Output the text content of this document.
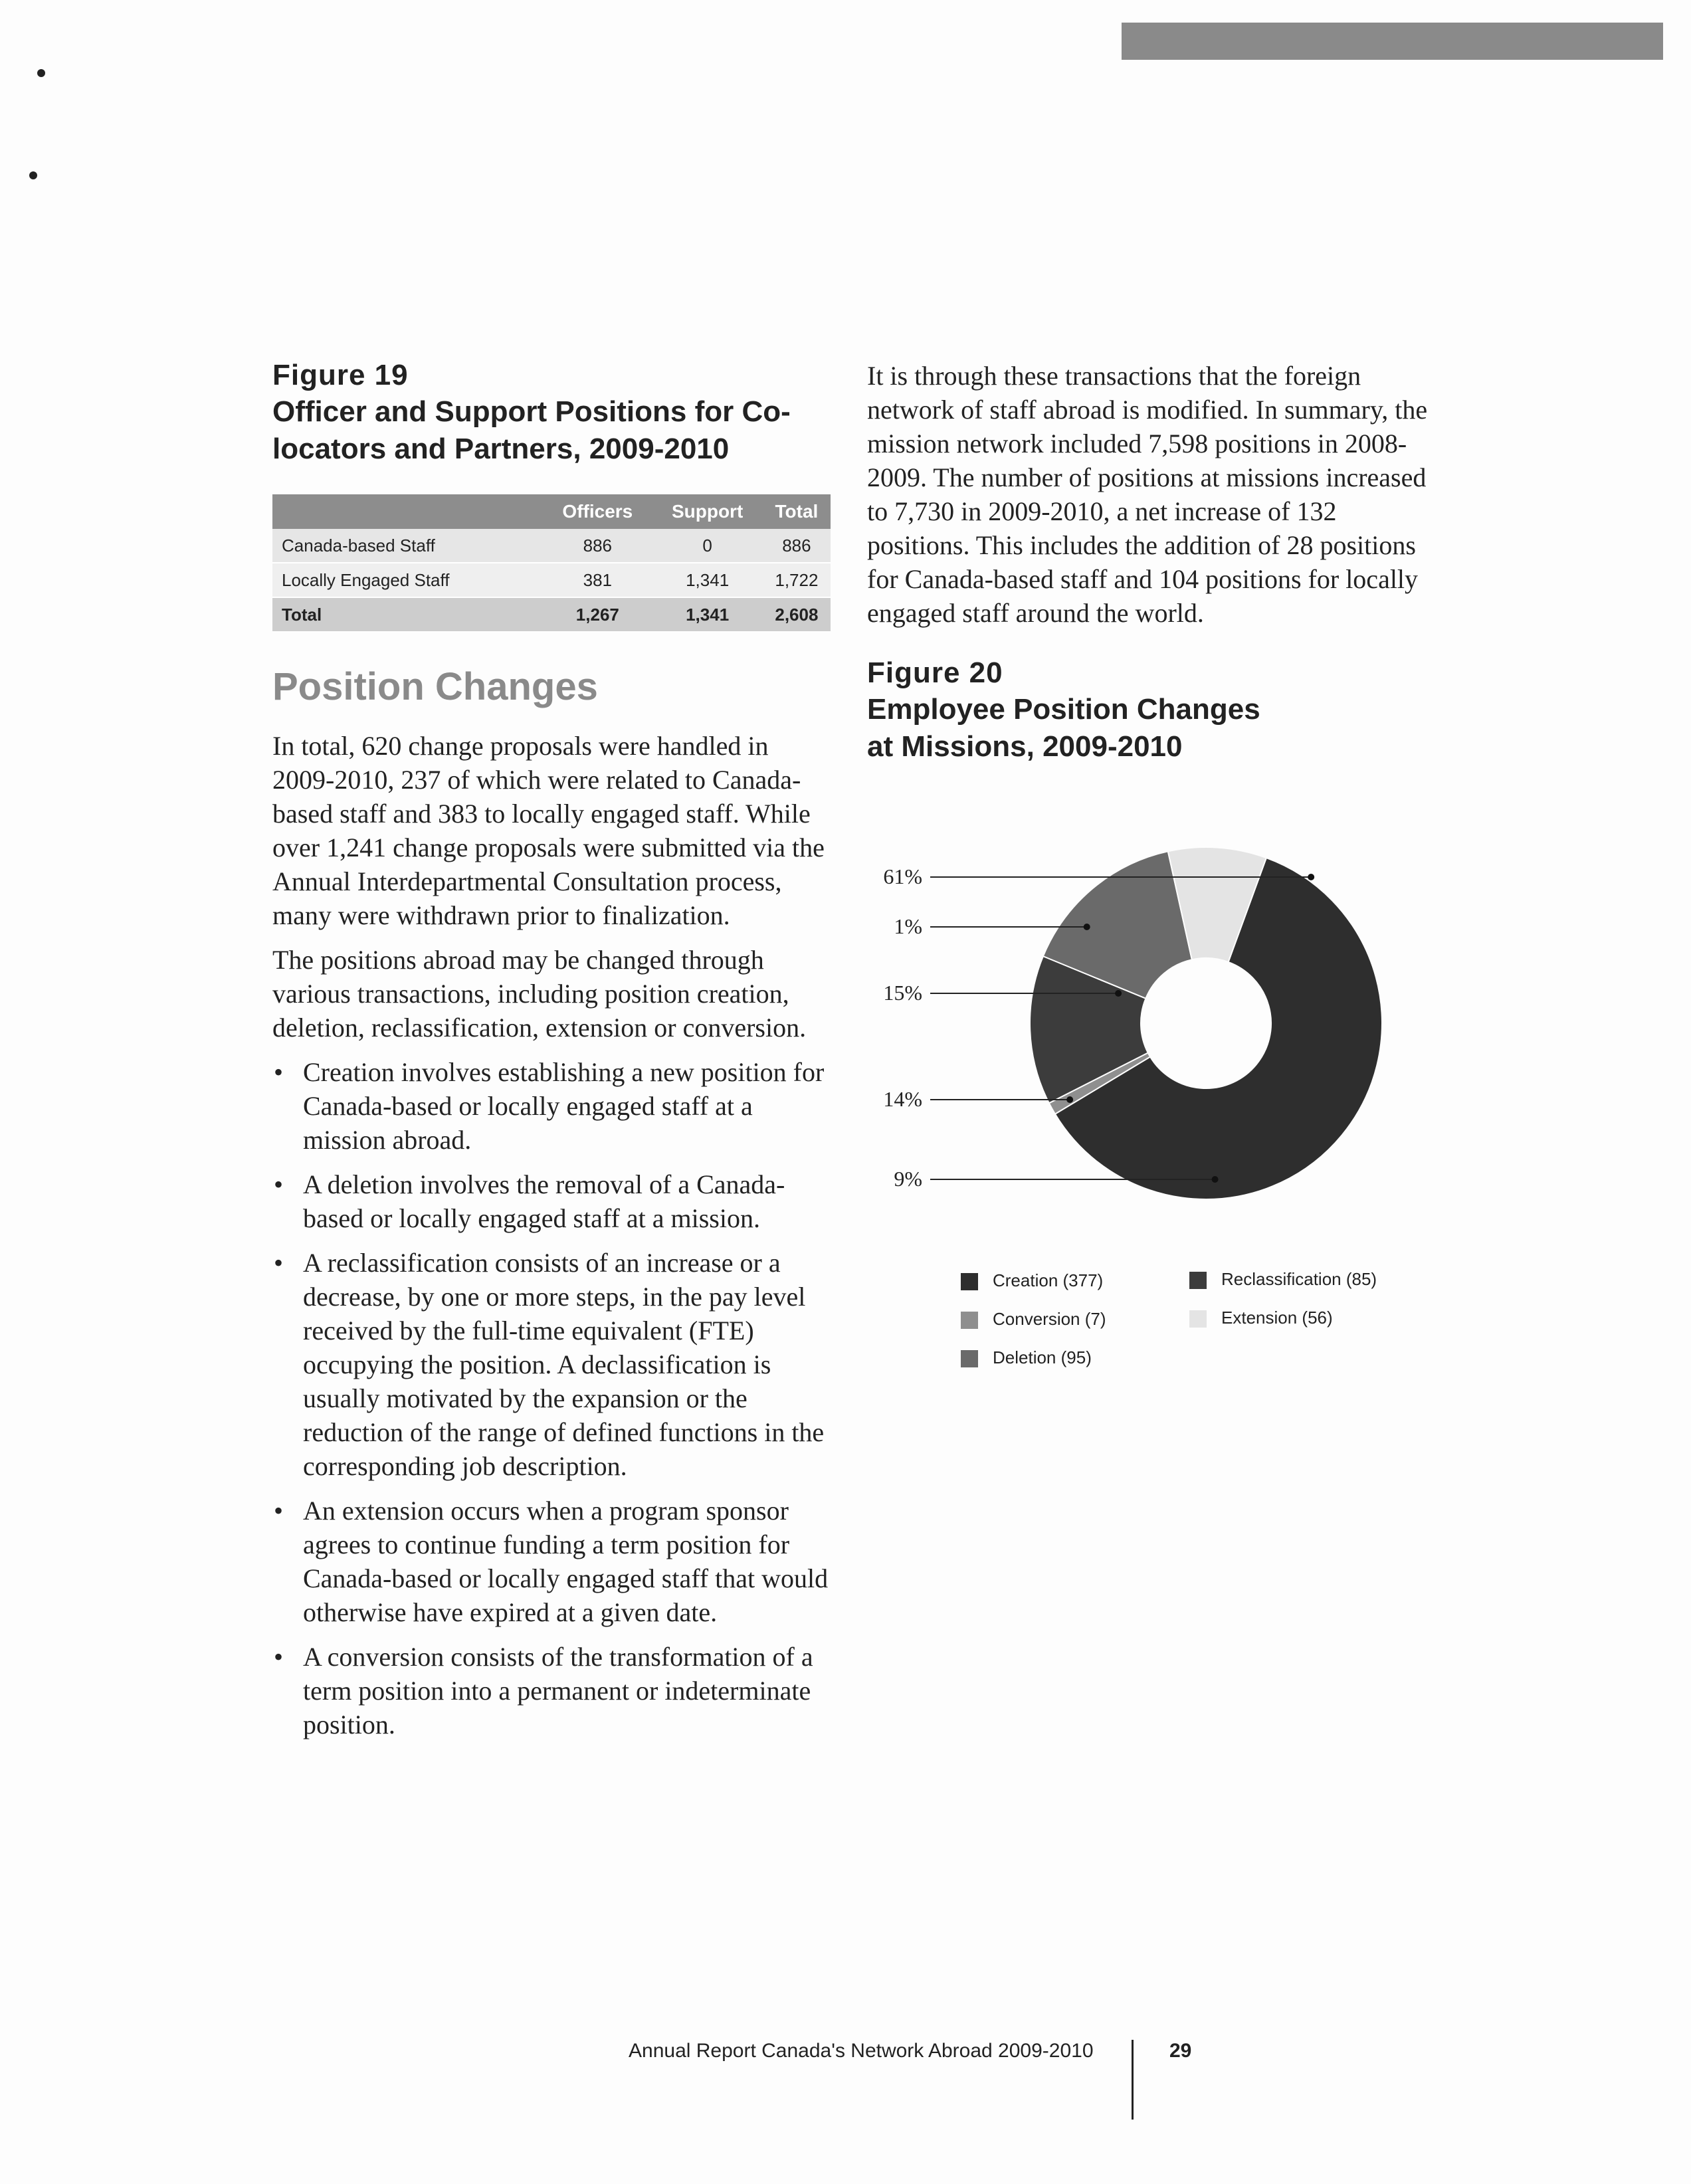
Figure 19
Officer and Support Positions for Co-locators and Partners, 2009-2010
	Officers	Support	Total
Canada-based Staff	886	0	886
Locally Engaged Staff	381	1,341	1,722
Total	1,267	1,341	2,608
Position Changes

In total, 620 change proposals were handled in 2009-2010, 237 of which were related to Canada-based staff and 383 to locally engaged staff. While over 1,241 change proposals were submitted via the Annual Interdepartmental Consultation process, many were withdrawn prior to finalization.

The positions abroad may be changed through various transactions, including position creation, deletion, reclassification, extension or conversion.

• Creation involves establishing a new position for Canada-based or locally engaged staff at a mission abroad.
• A deletion involves the removal of a Canada-based or locally engaged staff at a mission.
• A reclassification consists of an increase or a decrease, by one or more steps, in the pay level received by the full-time equivalent (FTE) occupying the position. A declassification is usually motivated by the expansion or the reduction of the range of defined functions in the corresponding job description.
• An extension occurs when a program sponsor agrees to continue funding a term position for Canada-based or locally engaged staff that would otherwise have expired at a given date.
• A conversion consists of the transformation of a term position into a permanent or indeterminate position.

It is through these transactions that the foreign network of staff abroad is modified. In summary, the mission network included 7,598 positions in 2008-2009. The number of positions at missions increased to 7,730 in 2009-2010, a net increase of 132 positions. This includes the addition of 28 positions for Canada-based staff and 104 positions for locally engaged staff around the world.

Figure 20
Employee Position Changes at Missions, 2009-2010
61%
1%
15%
14%
9%
Creation (377)
Conversion (7)
Deletion (95)
Reclassification (85)
Extension (56)
Annual Report Canada's Network Abroad 2009-2010	29
